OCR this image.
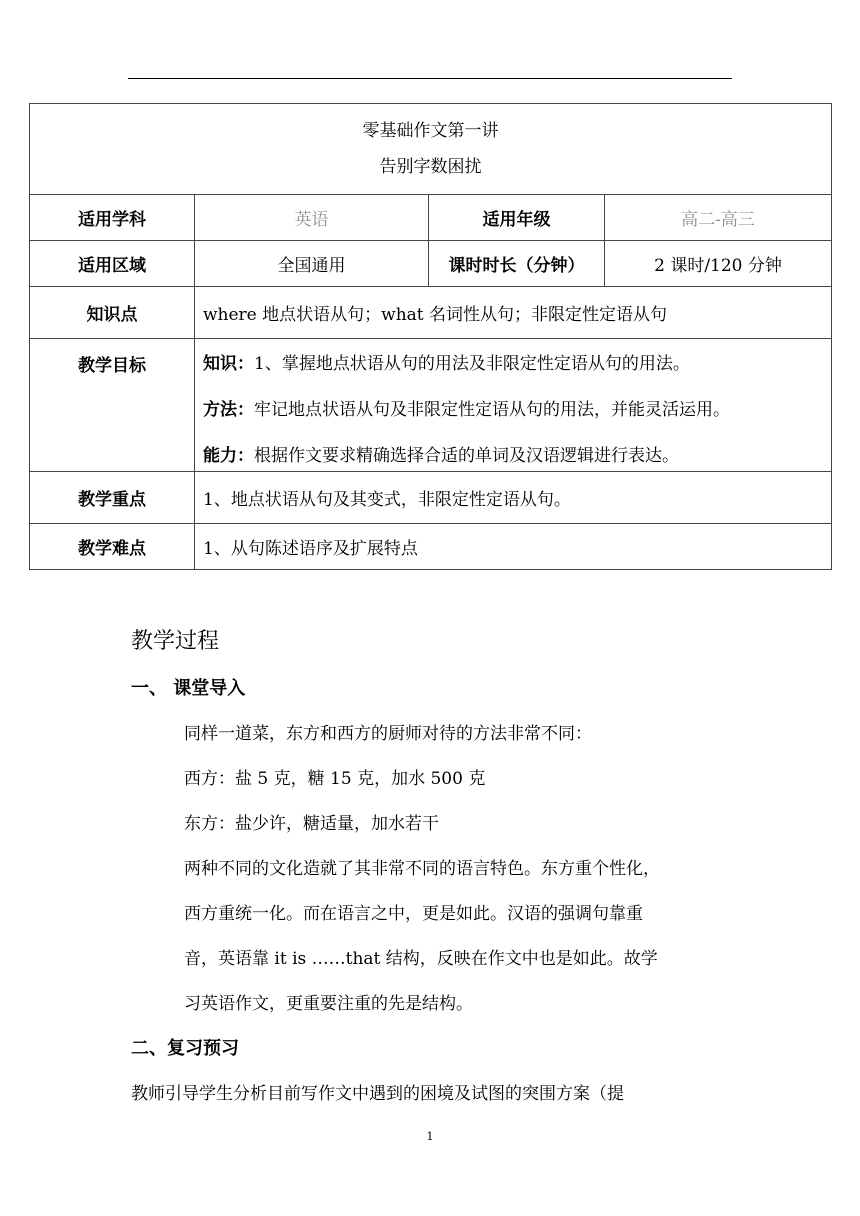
零基础作文第一讲
告别字数困扰			

适用学科	英语	适用年级	高二-高三
适用区域	全国通用	课时时长（分钟）	2 课时/120 分钟
知识点	where 地点状语从句；what 名词性从句；非限定性定语从句		
教学目标	知识：1、掌握地点状语从句的用法及非限定性定语从句的用法。
方法：牢记地点状语从句及非限定性定语从句的用法，并能灵活运用。
能力：根据作文要求精确选择合适的单词及汉语逻辑进行表达。		

教学重点	1、地点状语从句及其变式，非限定性定语从句。		
教学难点	1、从句陈述语序及扩展特点		
教学过程
一、 课堂导入
同样一道菜，东方和西方的厨师对待的方法非常不同：
西方：盐 5 克，糖 15 克，加水 500 克
东方：盐少许，糖适量，加水若干
两种不同的文化造就了其非常不同的语言特色。东方重个性化，
西方重统一化。而在语言之中，更是如此。汉语的强调句靠重
音，英语靠 it is ……that 结构，反映在作文中也是如此。故学
习英语作文，更重要注重的先是结构。
二、复习预习
教师引导学生分析目前写作文中遇到的困境及试图的突围方案（提
1
